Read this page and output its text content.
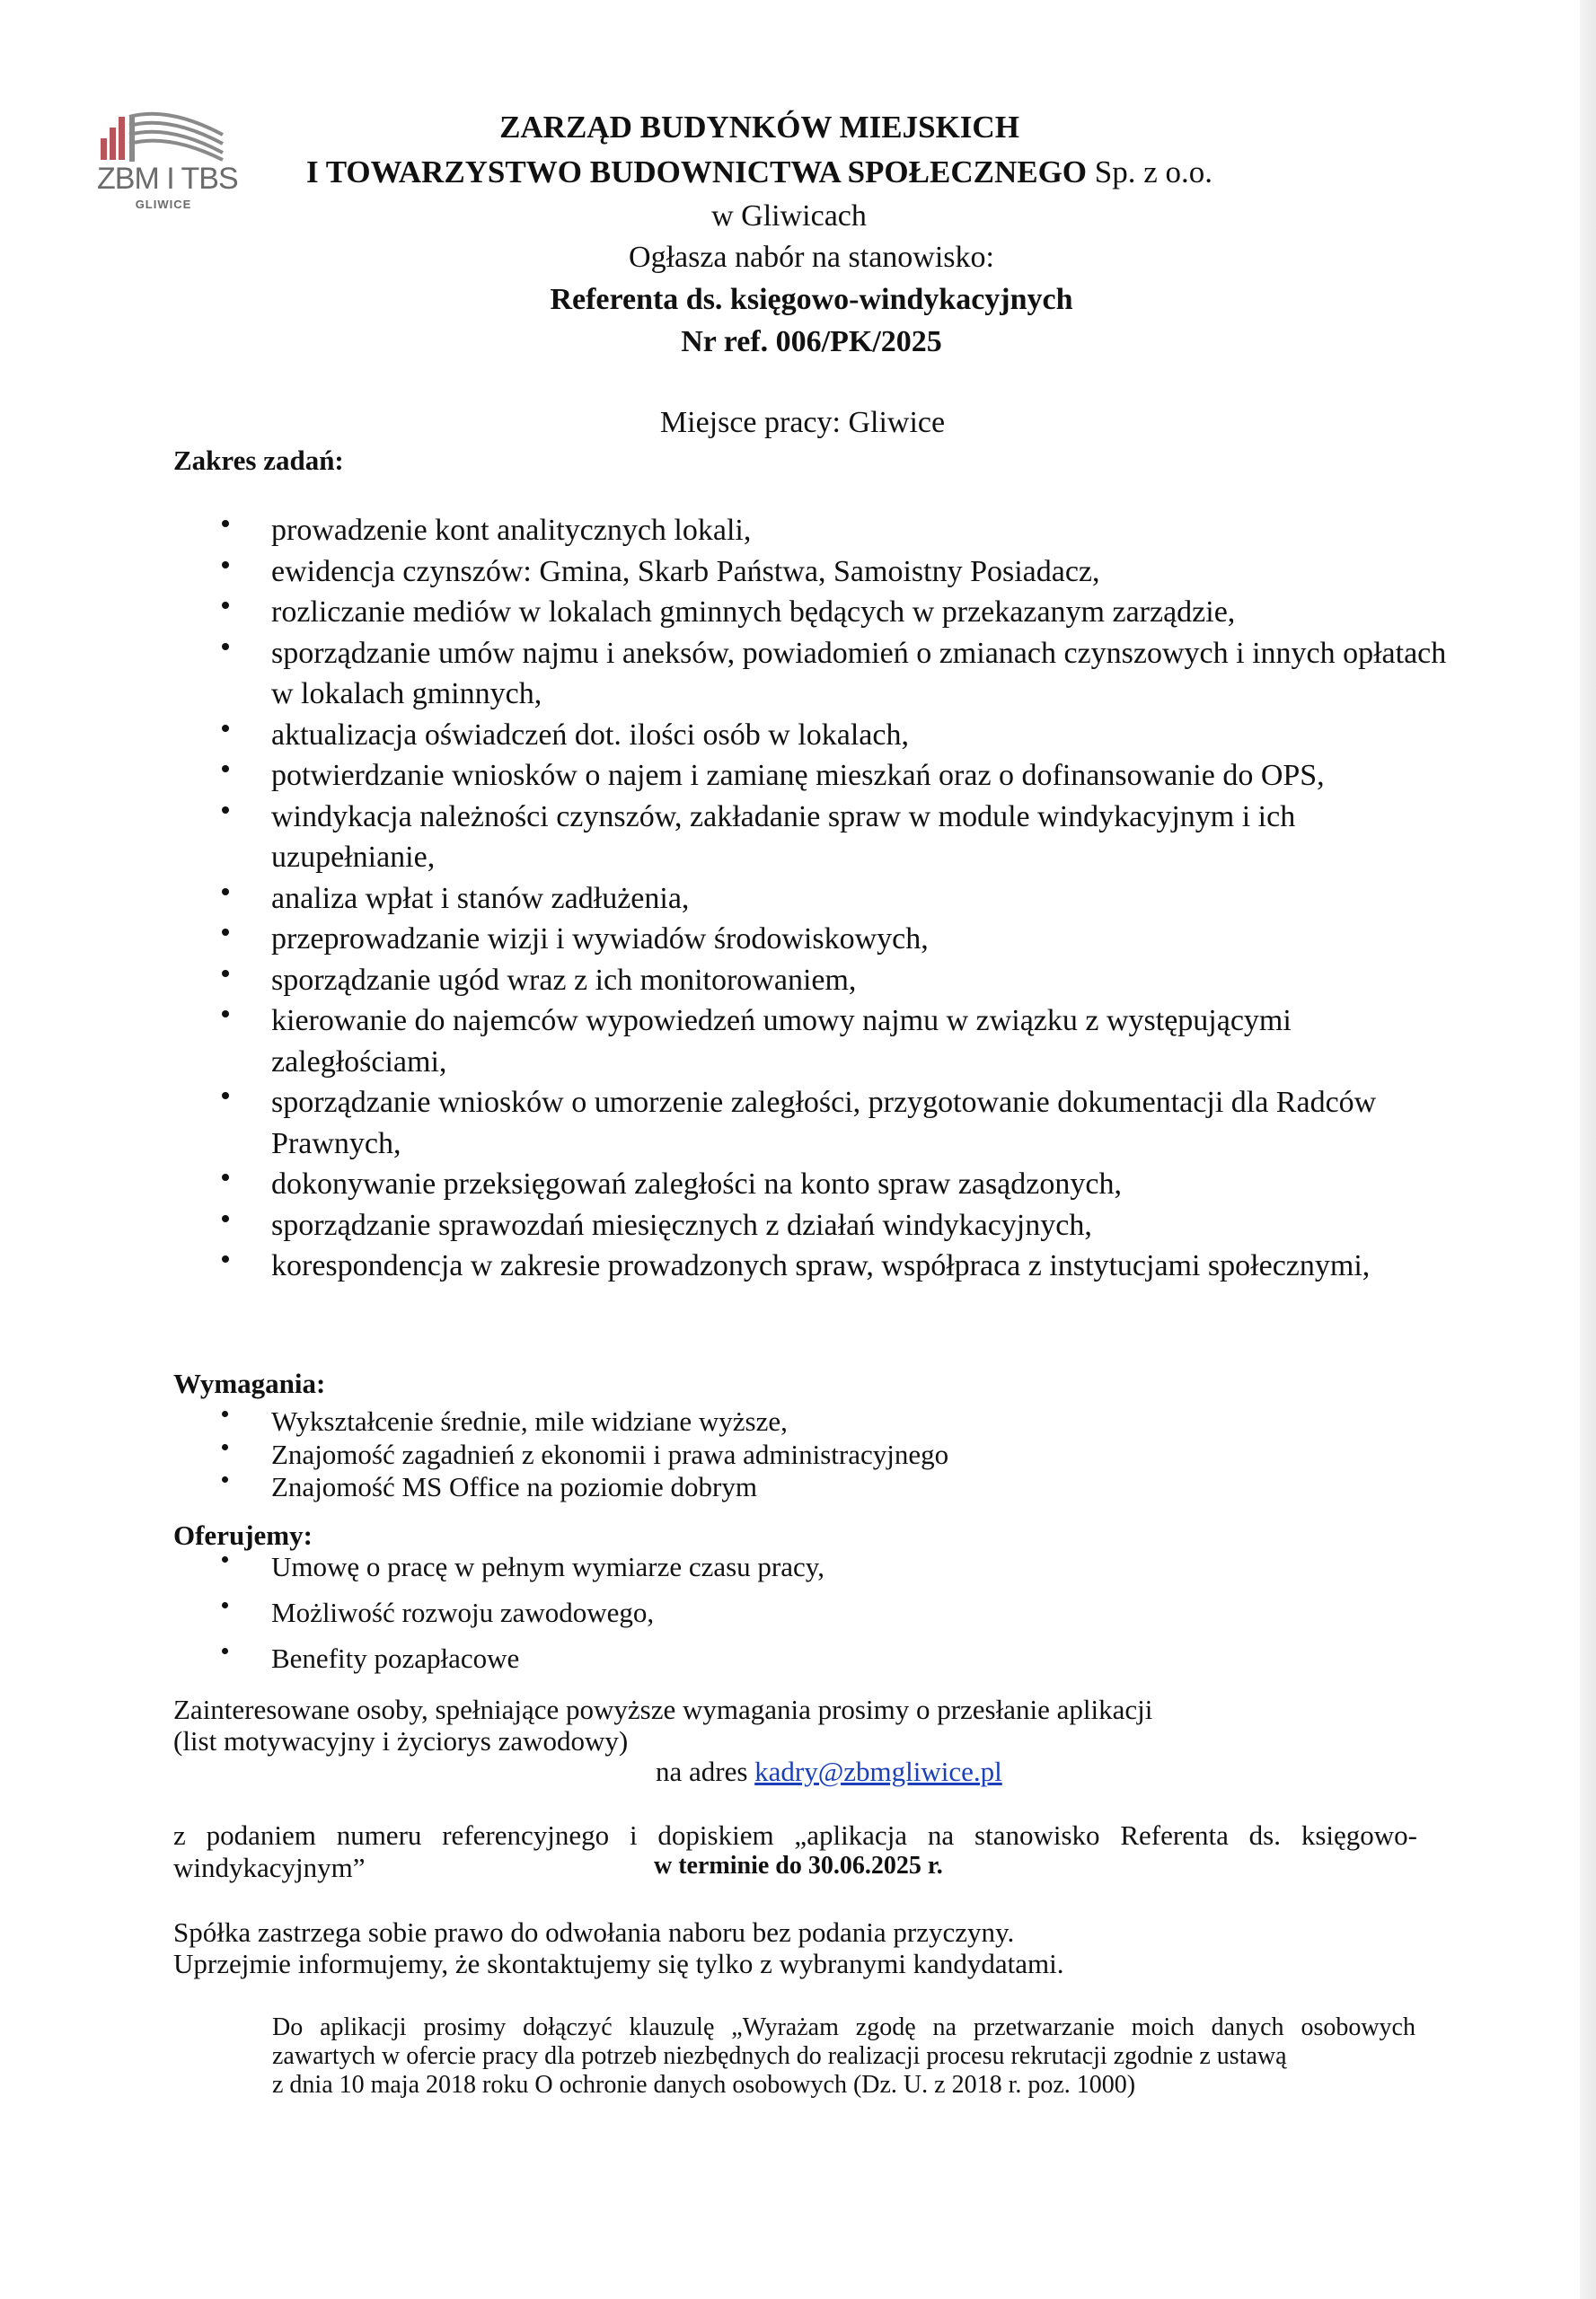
ZBM I TBS
GLIWICE
ZARZĄD BUDYNKÓW MIEJSKICH
I TOWARZYSTWO BUDOWNICTWA SPOŁECZNEGO Sp. z o.o.
w Gliwicach
Ogłasza nabór na stanowisko:
Referenta ds. księgowo-windykacyjnych
Nr ref. 006/PK/2025
Miejsce pracy: Gliwice
Zakres zadań:
prowadzenie kont analitycznych lokali,
ewidencja czynszów: Gmina, Skarb Państwa, Samoistny Posiadacz,
rozliczanie mediów w lokalach gminnych będących w przekazanym zarządzie,
sporządzanie umów najmu i aneksów, powiadomień o zmianach czynszowych i innych opłatach w lokalach gminnych,
aktualizacja oświadczeń dot. ilości osób w lokalach,
potwierdzanie wniosków o najem i zamianę mieszkań oraz o dofinansowanie do OPS,
windykacja należności czynszów, zakładanie spraw w module windykacyjnym i ich uzupełnianie,
analiza wpłat i stanów zadłużenia,
przeprowadzanie wizji i wywiadów środowiskowych,
sporządzanie ugód wraz z ich monitorowaniem,
kierowanie do najemców wypowiedzeń umowy najmu w związku z występującymi zaległościami,
sporządzanie wniosków o umorzenie zaległości, przygotowanie dokumentacji dla Radców Prawnych,
dokonywanie przeksięgowań zaległości na konto spraw zasądzonych,
sporządzanie sprawozdań miesięcznych z działań windykacyjnych,
korespondencja w zakresie prowadzonych spraw, współpraca z instytucjami społecznymi,
Wymagania:
Wykształcenie średnie, mile widziane wyższe,
Znajomość zagadnień z ekonomii i prawa administracyjnego
Znajomość MS Office na poziomie dobrym
Oferujemy:
Umowę o pracę w pełnym wymiarze czasu pracy,
Możliwość rozwoju zawodowego,
Benefity pozapłacowe
Zainteresowane osoby, spełniające powyższe wymagania prosimy o przesłanie aplikacji
(list motywacyjny i życiorys zawodowy)
na adres kadry@zbmgliwice.pl
z podaniem numeru referencyjnego i dopiskiem „aplikacja na stanowisko Referenta ds. księgowo-
windykacyjnym”	w terminie do 30.06.2025 r.
Spółka zastrzega sobie prawo do odwołania naboru bez podania przyczyny.
Uprzejmie informujemy, że skontaktujemy się tylko z wybranymi kandydatami.
Do aplikacji prosimy dołączyć klauzulę „Wyrażam zgodę na przetwarzanie moich danych osobowych
zawartych w ofercie pracy dla potrzeb niezbędnych do realizacji procesu rekrutacji zgodnie z ustawą
z dnia 10 maja 2018 roku O ochronie danych osobowych (Dz. U. z 2018 r. poz. 1000)
